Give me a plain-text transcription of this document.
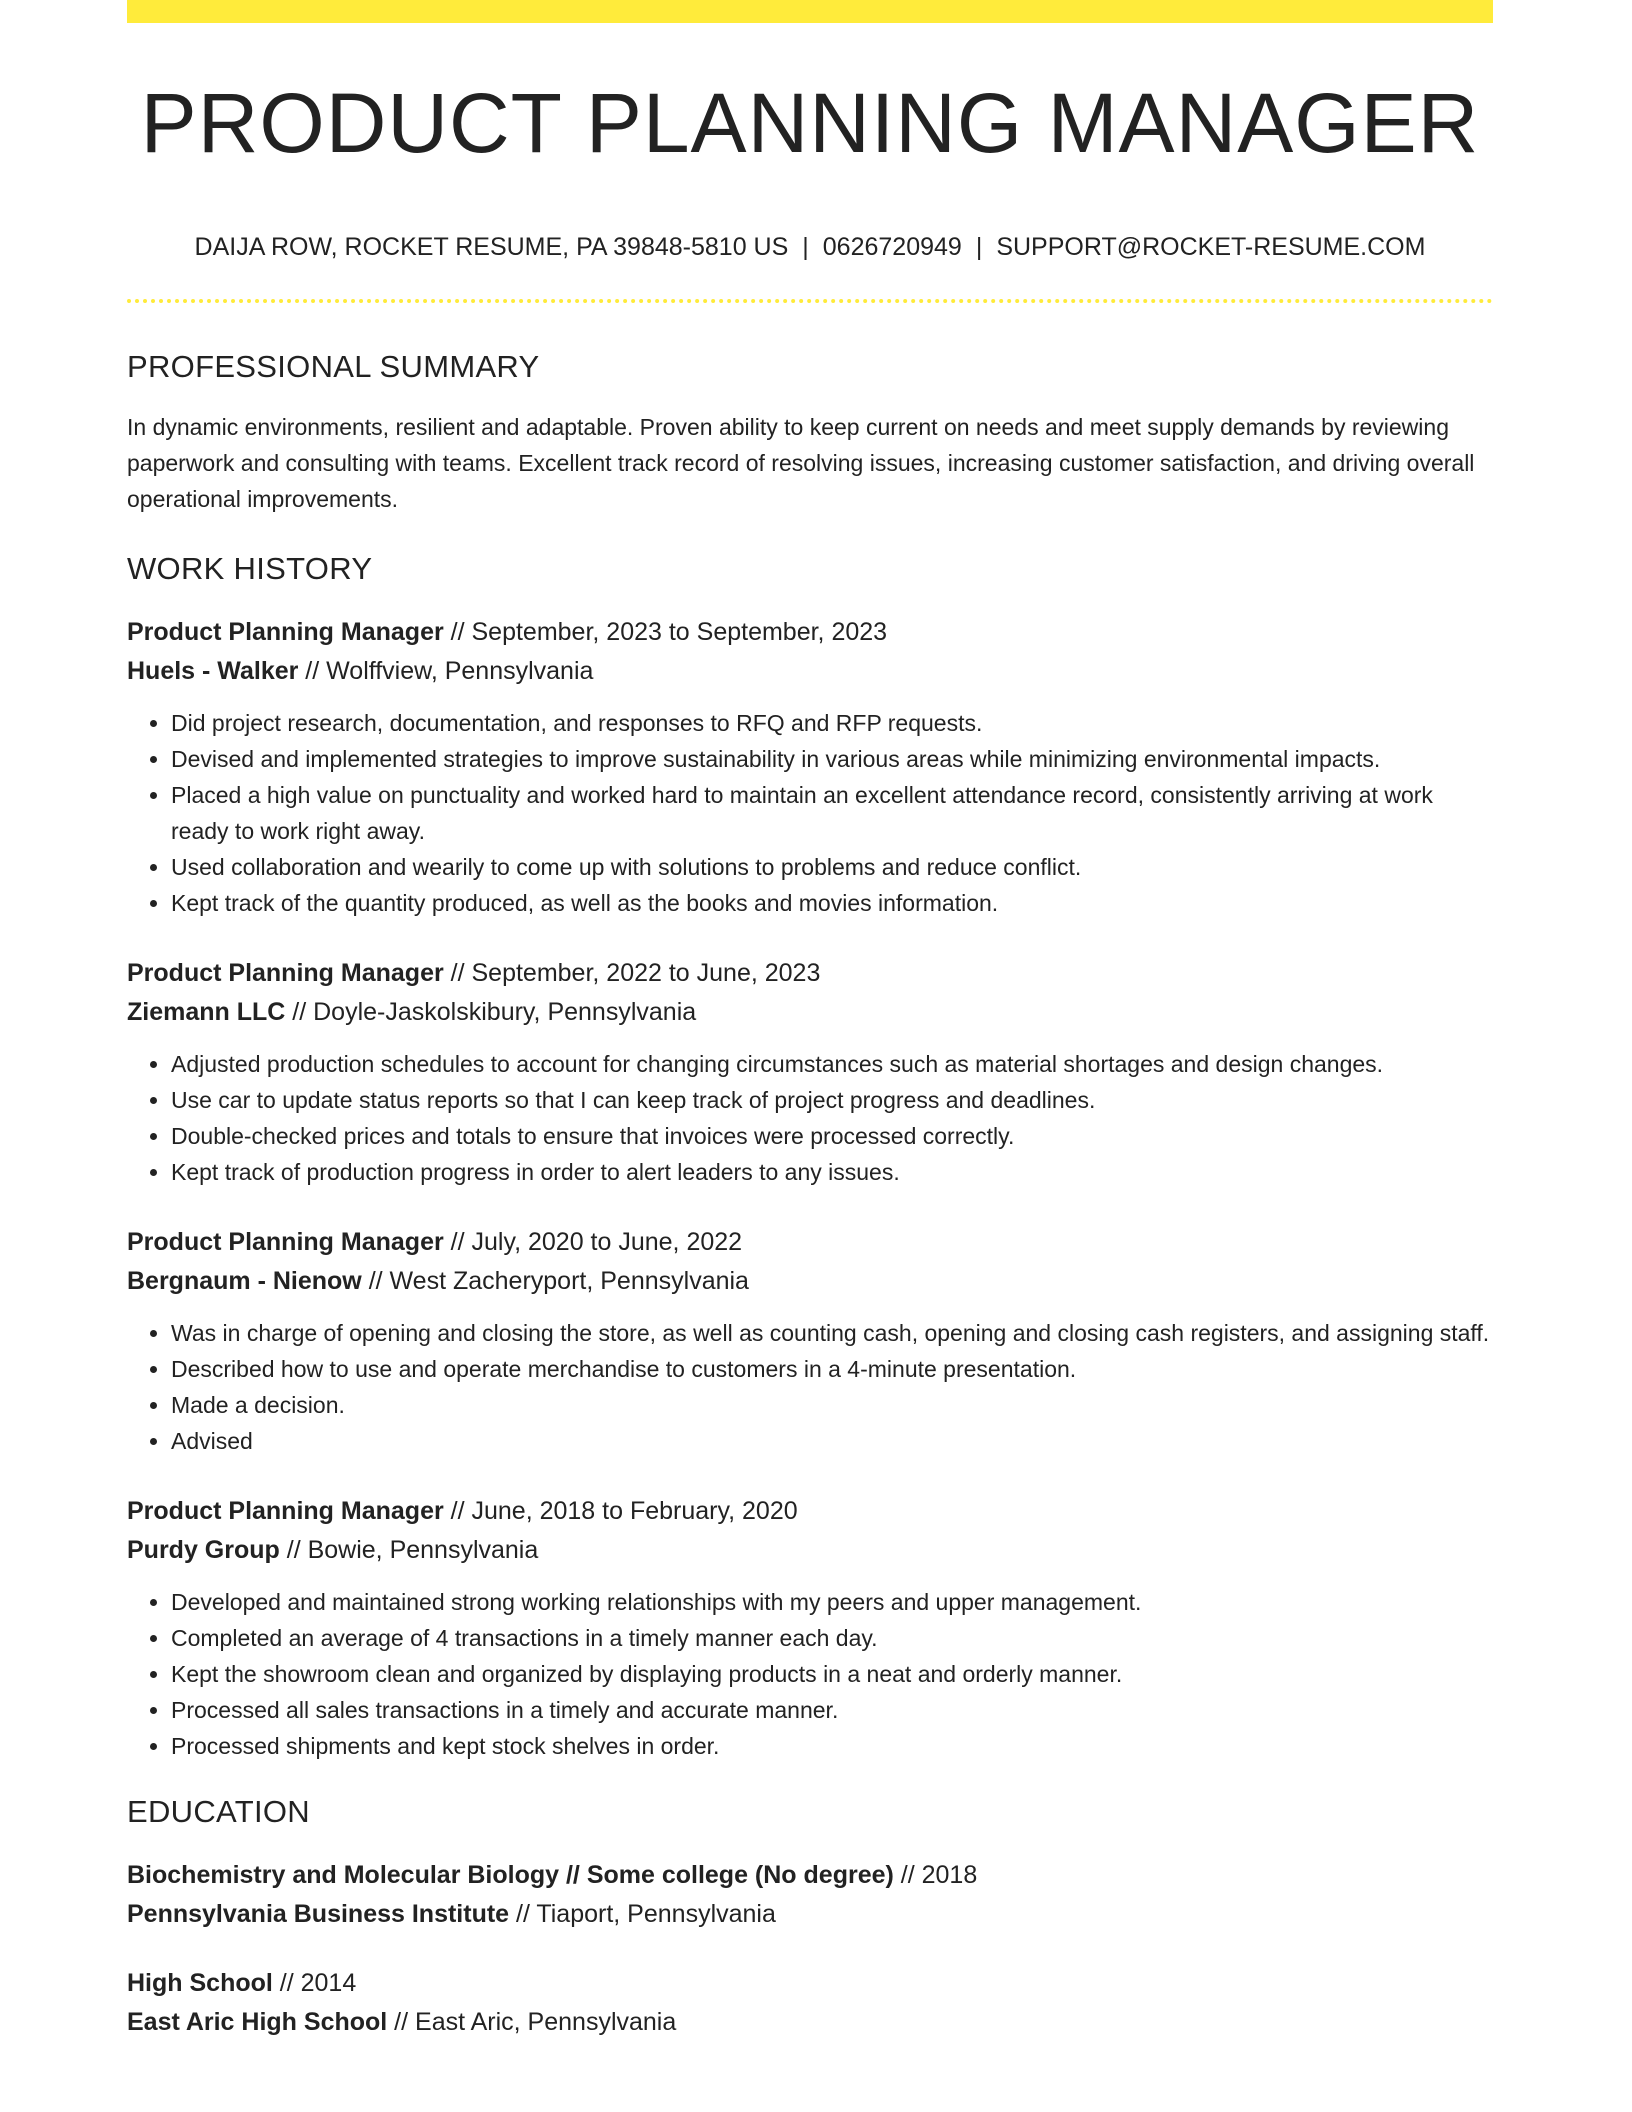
PRODUCT PLANNING MANAGER
DAIJA ROW, ROCKET RESUME, PA 39848-5810 US | 0626720949 | SUPPORT@ROCKET-RESUME.COM
PROFESSIONAL SUMMARY

In dynamic environments, resilient and adaptable. Proven ability to keep current on needs and meet supply demands by reviewing paperwork and consulting with teams. Excellent track record of resolving issues, increasing customer satisfaction, and driving overall operational improvements.

WORK HISTORY
Product Planning Manager // September, 2023 to September, 2023
Huels - Walker // Wolffview, Pennsylvania
• Did project research, documentation, and responses to RFQ and RFP requests.
• Devised and implemented strategies to improve sustainability in various areas while minimizing environmental impacts.
• Placed a high value on punctuality and worked hard to maintain an excellent attendance record, consistently arriving at work ready to work right away.
• Used collaboration and wearily to come up with solutions to problems and reduce conflict.
• Kept track of the quantity produced, as well as the books and movies information.
Product Planning Manager // September, 2022 to June, 2023
Ziemann LLC // Doyle-Jaskolskibury, Pennsylvania
• Adjusted production schedules to account for changing circumstances such as material shortages and design changes.
• Use car to update status reports so that I can keep track of project progress and deadlines.
• Double-checked prices and totals to ensure that invoices were processed correctly.
• Kept track of production progress in order to alert leaders to any issues.
Product Planning Manager // July, 2020 to June, 2022
Bergnaum - Nienow // West Zacheryport, Pennsylvania
• Was in charge of opening and closing the store, as well as counting cash, opening and closing cash registers, and assigning staff.
• Described how to use and operate merchandise to customers in a 4-minute presentation.
• Made a decision.
• Advised
Product Planning Manager // June, 2018 to February, 2020
Purdy Group // Bowie, Pennsylvania
• Developed and maintained strong working relationships with my peers and upper management.
• Completed an average of 4 transactions in a timely manner each day.
• Kept the showroom clean and organized by displaying products in a neat and orderly manner.
• Processed all sales transactions in a timely and accurate manner.
• Processed shipments and kept stock shelves in order.
EDUCATION
Biochemistry and Molecular Biology // Some college (No degree) // 2018
Pennsylvania Business Institute // Tiaport, Pennsylvania
High School // 2014
East Aric High School // East Aric, Pennsylvania
